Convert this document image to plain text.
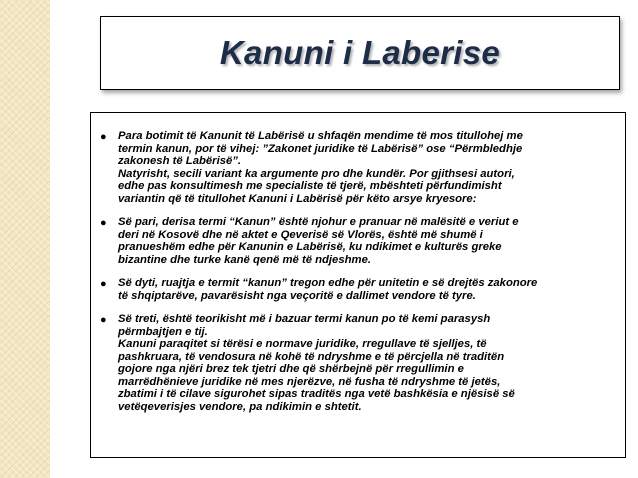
Kanuni i Laberise
●	Para botimit të Kanunit të Labërisë u shfaqën mendime të mos titullohej me
termin kanun, por të vihej: ”Zakonet juridike të Labërisë” ose “Përmbledhje
zakonesh të Labërisë”.
Natyrisht, secili variant ka argumente pro dhe kundër. Por gjithsesi autori,
edhe pas konsultimesh me specialiste të tjerë, mbështeti përfundimisht
variantin që të titullohet Kanuni i Labërisë për këto arsye kryesore:
●	Së pari, derisa termi “Kanun” është njohur e pranuar në malësitë e veriut e
deri në Kosovë dhe në aktet e Qeverisë së Vlorës, është më shumë i
pranueshëm edhe për Kanunin e Labërisë, ku ndikimet e kulturës greke
bizantine dhe turke kanë qenë më të ndjeshme.
●	Së dyti, ruajtja e termit “kanun” tregon edhe për unitetin e së drejtës zakonore
të shqiptarëve, pavarësisht nga veçoritë e dallimet vendore të tyre.
●	Së treti, është teorikisht më i bazuar termi kanun po të kemi parasysh
përmbajtjen e tij.
Kanuni paraqitet si tërësi e normave juridike, rregullave të sjelljes, të
pashkruara, të vendosura në kohë të ndryshme e të përcjella në traditën
gojore nga njëri brez tek tjetri dhe që shërbejnë për rregullimin e
marrëdhënieve juridike në mes njerëzve, në fusha të ndryshme të jetës,
zbatimi i të cilave sigurohet sipas traditës nga vetë bashkësia e njësisë së
vetëqeverisjes vendore, pa ndikimin e shtetit.
